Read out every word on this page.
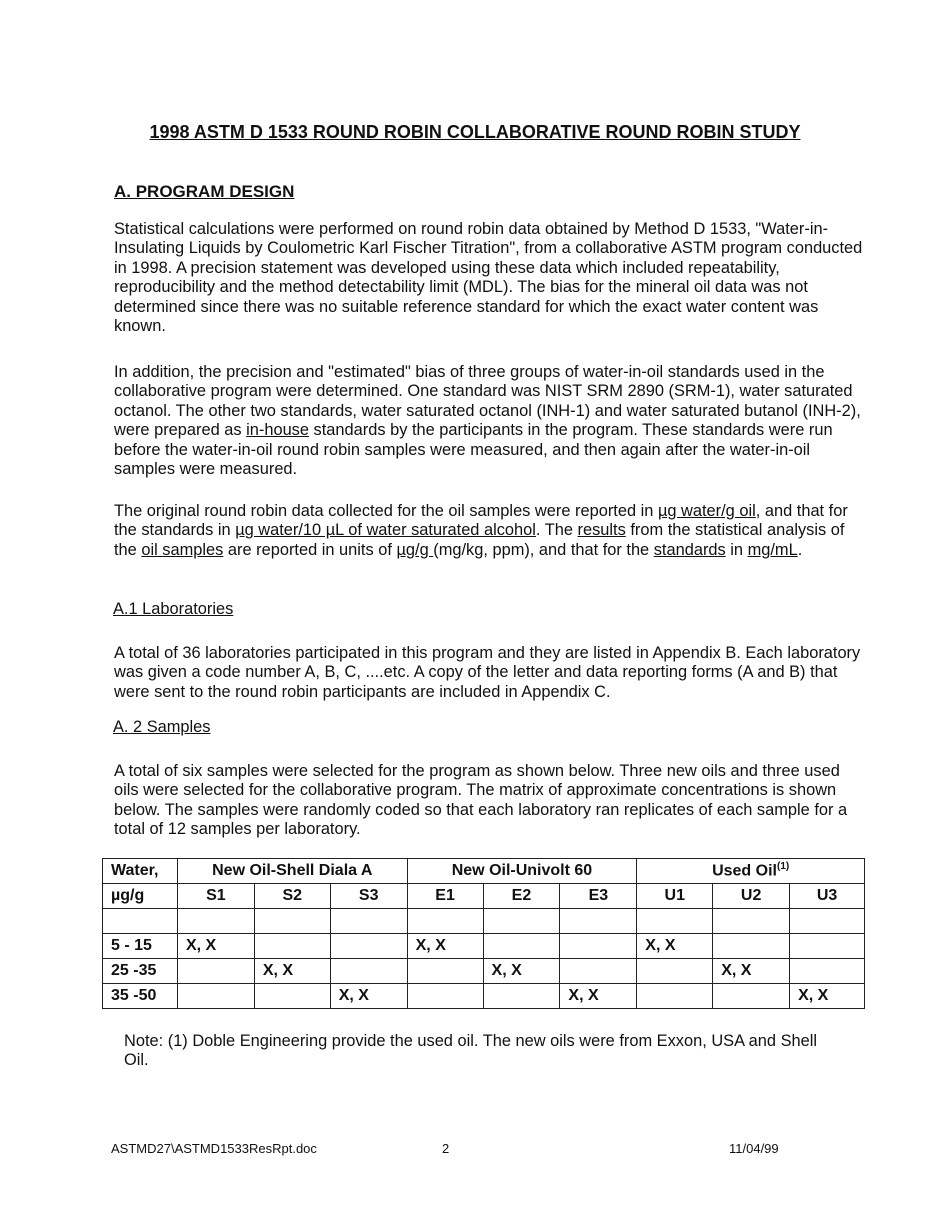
1998 ASTM D 1533 ROUND ROBIN COLLABORATIVE ROUND ROBIN STUDY
A. PROGRAM DESIGN
Statistical calculations were performed on round robin data obtained by Method D 1533, "Water-in-Insulating Liquids by Coulometric Karl Fischer Titration", from a collaborative ASTM program conducted in 1998. A precision statement was developed using these data which included repeatability, reproducibility and the method detectability limit (MDL). The bias for the mineral oil data was not determined since there was no suitable reference standard for which the exact water content was known.
In addition, the precision and "estimated" bias of three groups of water-in-oil standards used in the collaborative program were determined. One standard was NIST SRM 2890 (SRM-1), water saturated octanol. The other two standards, water saturated octanol (INH-1) and water saturated butanol (INH-2), were prepared as in-house standards by the participants in the program. These standards were run before the water-in-oil round robin samples were measured, and then again after the water-in-oil samples were measured.
The original round robin data collected for the oil samples were reported in µg water/g oil, and that for the standards in µg water/10 µL of water saturated alcohol. The results from the statistical analysis of the oil samples are reported in units of µg/g (mg/kg, ppm), and that for the standards in mg/mL.
A.1 Laboratories
A total of 36 laboratories participated in this program and they are listed in Appendix B. Each laboratory was given a code number A, B, C, ....etc. A copy of the letter and data reporting forms (A and B) that were sent to the round robin participants are included in Appendix C.
A. 2 Samples
A total of six samples were selected for the program as shown below. Three new oils and three used oils were selected for the collaborative program. The matrix of approximate concentrations is shown below. The samples were randomly coded so that each laboratory ran replicates of each sample for a total of 12 samples per laboratory.
Water,	New Oil-Shell Diala A			New Oil-Univolt 60			Used Oil$^{(1)}$
µg/g	S1	S2	S3	E1	E2	E3	U1	U2	U3

5 - 15	X, X			X, X			X, X		
25 -35		X, X			X, X			X, X	
35 -50			X, X			X, X			X, X
Note: (1) Doble Engineering provide the used oil. The new oils were from Exxon, USA and Shell Oil.
ASTMD27\ASTMD1533ResRpt.doc	2	11/04/99
